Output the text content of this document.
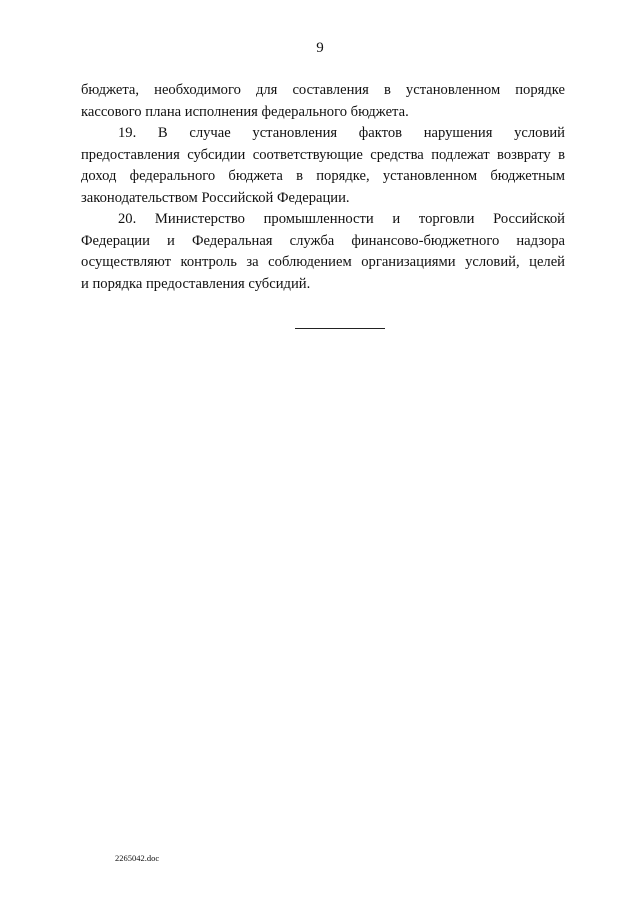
9
бюджета, необходимого для составления в установленном порядке
кассового плана исполнения федерального бюджета.
19. В случае установления фактов нарушения условий
предоставления субсидии соответствующие средства подлежат возврату в
доход федерального бюджета в порядке, установленном бюджетным
законодательством Российской Федерации.
20. Министерство промышленности и торговли Российской
Федерации и Федеральная служба финансово-бюджетного надзора
осуществляют контроль за соблюдением организациями условий, целей
и порядка предоставления субсидий.
2265042.doc
